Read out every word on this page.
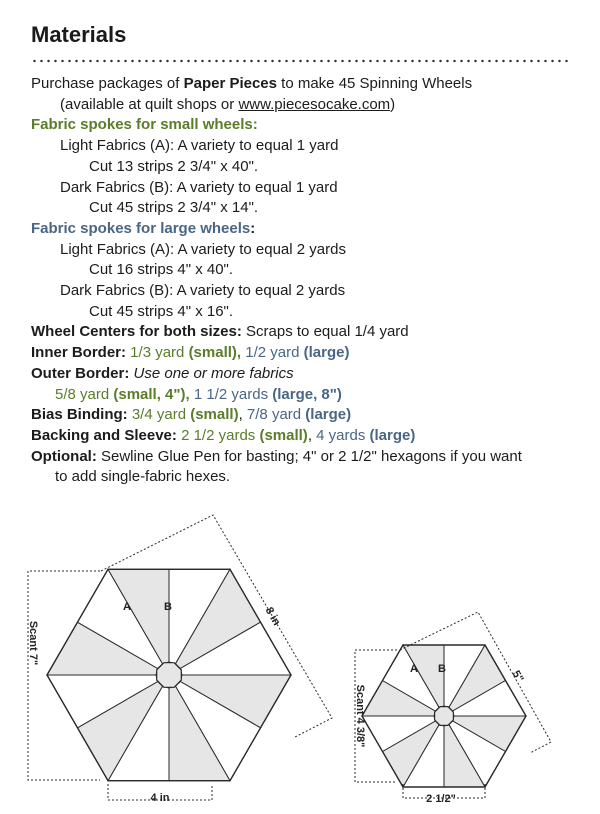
Materials
Purchase packages of Paper Pieces to make 45 Spinning Wheels
(available at quilt shops or www.piecesocake.com)
Fabric spokes for small wheels:
Light Fabrics (A): A variety to equal 1 yard
Cut 13 strips 2 3/4" x 40".
Dark Fabrics (B): A variety to equal 1 yard
Cut 45 strips 2 3/4" x 14".
Fabric spokes for large wheels:
Light Fabrics (A): A variety to equal 2 yards
Cut 16 strips 4" x 40".
Dark Fabrics (B): A variety to equal 2 yards
Cut 45 strips 4" x 16".
Wheel Centers for both sizes: Scraps to equal 1/4 yard
Inner Border: 1/3 yard (small), 1/2 yard (large)
Outer Border: Use one or more fabrics
5/8 yard (small, 4"), 1 1/2 yards (large, 8")
Bias Binding: 3/4 yard (small), 7/8 yard (large)
Backing and Sleeve: 2 1/2 yards (small), 4 yards (large)
Optional: Sewline Glue Pen for basting; 4" or 2 1/2" hexagons if you want
to add single-fabric hexes.
A	B
4 in
Scant 7"
8 in
A B
2 1/2"
Scant 4 3/8"
5"
